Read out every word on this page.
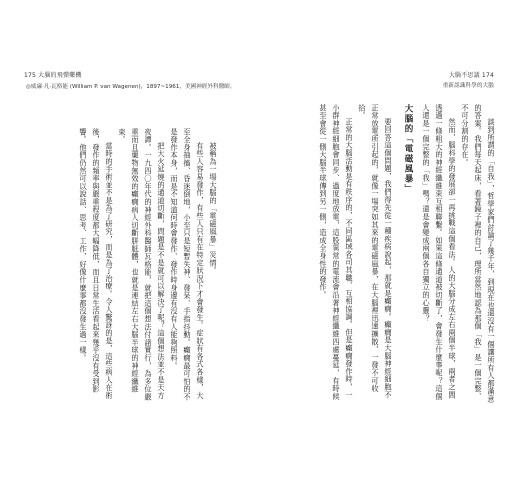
175 大腦的飛彈藥機
◎威廉·凡·瓦格能 (William P. van Wagenen)，1897~1961，美國神經外科醫師。
被稱為一場大腦的「電磁風暴」災情。
有些人容易發作，有些人只有在特定狀況下才會發生。症狀有各式各樣，大至全身抽搐、昏迷倒地，小至只是短暫失神、發呆、手指抖動。癲癇最可怕的不是發作本身，而是不知道何時會發作、發作時身邊有沒有人能夠照料。
把大火延燒的通道切斷，問題是不是就可以解決了呢？這個想法並不是天方夜譚。一九四〇年代的神經外科醫師瓦格能，就把這個想法付諸實行，為多位嚴重而且藥物無效的癲癇病人切斷胼胝體，也就是連結左右大腦半球的神經纖維束。
當時的手術並不是為了研究，而是為了治療。令人驚訝的是，這些病人在術後，發作的頻率與嚴重程度都大幅降低，而且日常生活看起來幾乎沒有受到影響。他們仍然可以說話、思考、工作，好像什麼事都沒發生過一樣。
大腦不思議 174
重新認識科學的大腦
談到所謂的「自我」，哲學家們討論了幾千年，到現在也還沒有一個讓所有人都滿意的答案。我們每天起床，看著鏡子裡的自己，理所當然地認為那個「我」是一個完整、不可分割的存在。
然而，腦科學的發展卻一再挑戰這個看法。人的大腦分成左右兩個半球，兩者之間透過一條粗大的神經纖維束互相聯繫。如果這條通道被切斷了，會發生什麼事呢？這個人還是一個完整的「我」嗎？還是會變成兩個各自獨立的心靈？
大腦的「電磁風暴」
要回答這個問題，我們得先從一種疾病說起，那就是癲癇。癲癇是大腦神經細胞不正常放電所引起的，就像一場突如其來的電磁風暴，在大腦裡迅速擴散，一發不可收拾。
正常的大腦活動是有秩序的，不同區域各司其職、互相協調。但是癲癇發作時，一小群神經細胞會同步、過度地放電，這股異常的電流會沿著神經纖維四處蔓延，有時候甚至會從一側大腦半球傳到另一側，造成全身性的發作。
